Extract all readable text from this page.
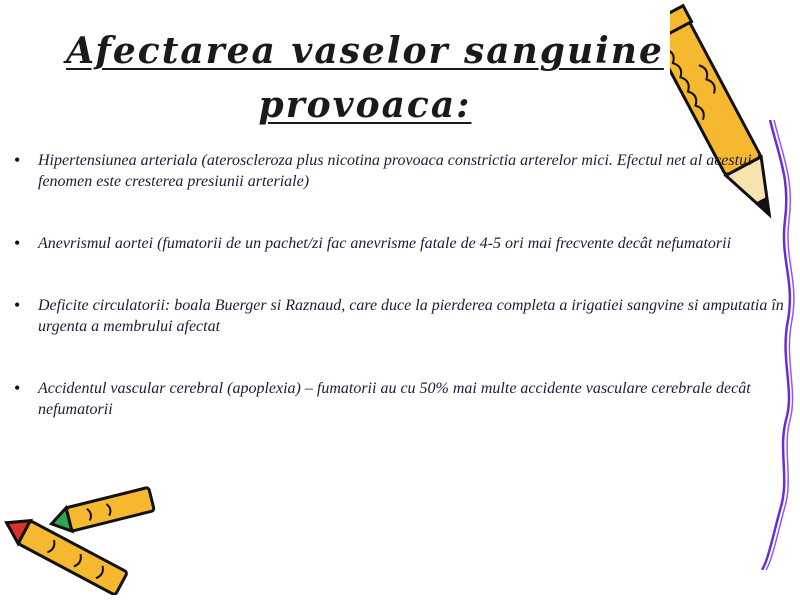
Afectarea vaselor sanguine
provoaca:
• Hipertensiunea arteriala (ateroscleroza plus nicotina provoaca constrictia arterelor mici. Efectul net al acestui fenomen este cresterea presiunii arteriale)
• Anevrismul aortei (fumatorii de un pachet/zi fac anevrisme fatale de 4-5 ori mai frecvente decât nefumatorii
• Deficite circulatorii: boala Buerger si Raznaud, care duce la pierderea completa a irigatiei sangvine si amputatia în urgenta a membrului afectat
• Accidentul vascular cerebral (apoplexia) – fumatorii au cu 50% mai multe accidente vasculare cerebrale decât nefumatorii
